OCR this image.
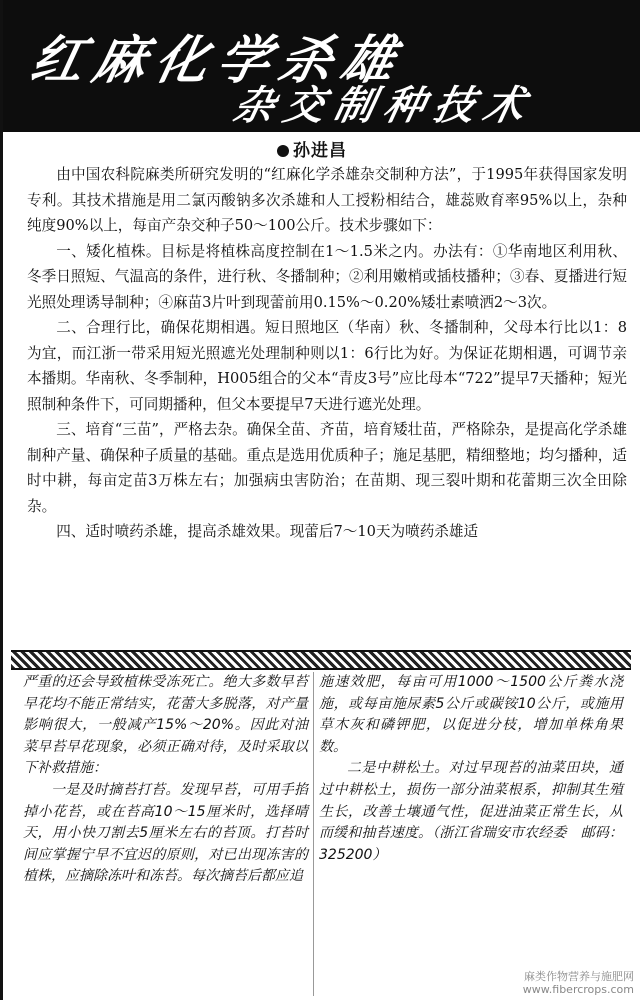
红麻化学杀雄
杂交制种技术
孙进昌

由中国农科院麻类所研究发明的“红麻化学杀雄杂交制种方法”，于1995年获得国家发明专利。其技术措施是用二氯丙酸钠多次杀雄和人工授粉相结合，雄蕊败育率95%以上，杂种纯度90%以上，每亩产杂交种子50～100公斤。技术步骤如下：

一、矮化植株。目标是将植株高度控制在1～1.5米之内。办法有：①华南地区利用秋、冬季日照短、气温高的条件，进行秋、冬播制种；②利用嫩梢或插枝播种；③春、夏播进行短光照处理诱导制种；④麻苗3片叶到现蕾前用0.15%～0.20%矮壮素喷洒2～3次。

二、合理行比，确保花期相遇。短日照地区（华南）秋、冬播制种，父母本行比以1：8为宜，而江浙一带采用短光照遮光处理制种则以1：6行比为好。为保证花期相遇，可调节亲本播期。华南秋、冬季制种，H005组合的父本“青皮3号”应比母本“722”提早7天播种；短光照制种条件下，可同期播种，但父本要提早7天进行遮光处理。

三、培育“三苗”，严格去杂。确保全苗、齐苗，培育矮壮苗，严格除杂，是提高化学杀雄制种产量、确保种子质量的基础。重点是选用优质种子；施足基肥，精细整地；均匀播种，适时中耕，每亩定苗3万株左右；加强病虫害防治；在苗期、现三裂叶期和花蕾期三次全田除杂。

四、适时喷药杀雄，提高杀雄效果。现蕾后7～10天为喷药杀雄适

严重的还会导致植株受冻死亡。绝大多数早苔早花均不能正常结实，花蕾大多脱落，对产量影响很大，一般减产15%～20%。因此对油菜早苔早花现象，必须正确对待，及时采取以下补救措施：

一是及时摘苔打苔。发现早苔，可用手掐掉小花苔，或在苔高10～15厘米时，选择晴天，用小快刀割去5厘米左右的苔顶。打苔时间应掌握宁早不宜迟的原则，对已出现冻害的植株，应摘除冻叶和冻苔。每次摘苔后都应追

施速效肥，每亩可用1000～1500公斤粪水浇施，或每亩施尿素5公斤或碳铵10公斤，或施用草木灰和磷钾肥，以促进分枝，增加单株角果数。

二是中耕松土。对过早现苔的油菜田块，通过中耕松土，损伤一部分油菜根系，抑制其生殖生长，改善土壤通气性，促进油菜正常生长，从而缓和抽苔速度。（浙江省瑞安市农经委　邮码：325200）

麻类作物营养与施肥网
www.fibercrops.com
